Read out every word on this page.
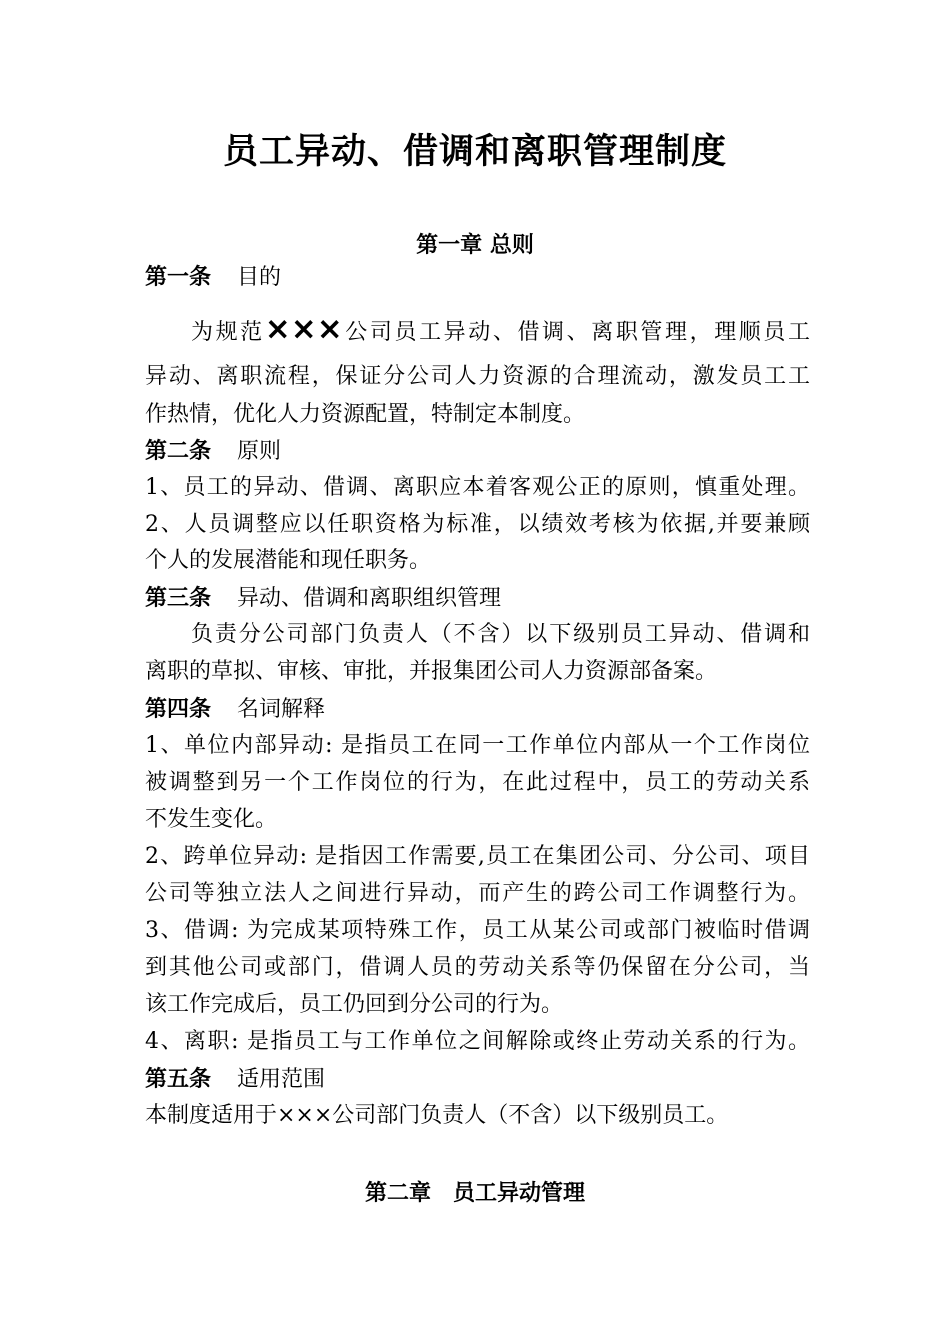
员工异动、借调和离职管理制度
第一章 总则
第一条 目的
为规范×××公司员工异动、借调、离职管理，理顺员工
异动、离职流程，保证分公司人力资源的合理流动，激发员工工
作热情，优化人力资源配置，特制定本制度。
第二条 原则
1、员工的异动、借调、离职应本着客观公正的原则，慎重处理。
2、人员调整应以任职资格为标准，以绩效考核为依据,并要兼顾
个人的发展潜能和现任职务。
第三条 异动、借调和离职组织管理
负责分公司部门负责人（不含）以下级别员工异动、借调和
离职的草拟、审核、审批，并报集团公司人力资源部备案。
第四条 名词解释
1、单位内部异动: 是指员工在同一工作单位内部从一个工作岗位
被调整到另一个工作岗位的行为，在此过程中，员工的劳动关系
不发生变化。
2、跨单位异动: 是指因工作需要,员工在集团公司、分公司、项目
公司等独立法人之间进行异动，而产生的跨公司工作调整行为。
3、借调: 为完成某项特殊工作，员工从某公司或部门被临时借调
到其他公司或部门，借调人员的劳动关系等仍保留在分公司，当
该工作完成后，员工仍回到分公司的行为。
4、离职: 是指员工与工作单位之间解除或终止劳动关系的行为。
第五条 适用范围
本制度适用于×××公司部门负责人（不含）以下级别员工。
第二章　员工异动管理
